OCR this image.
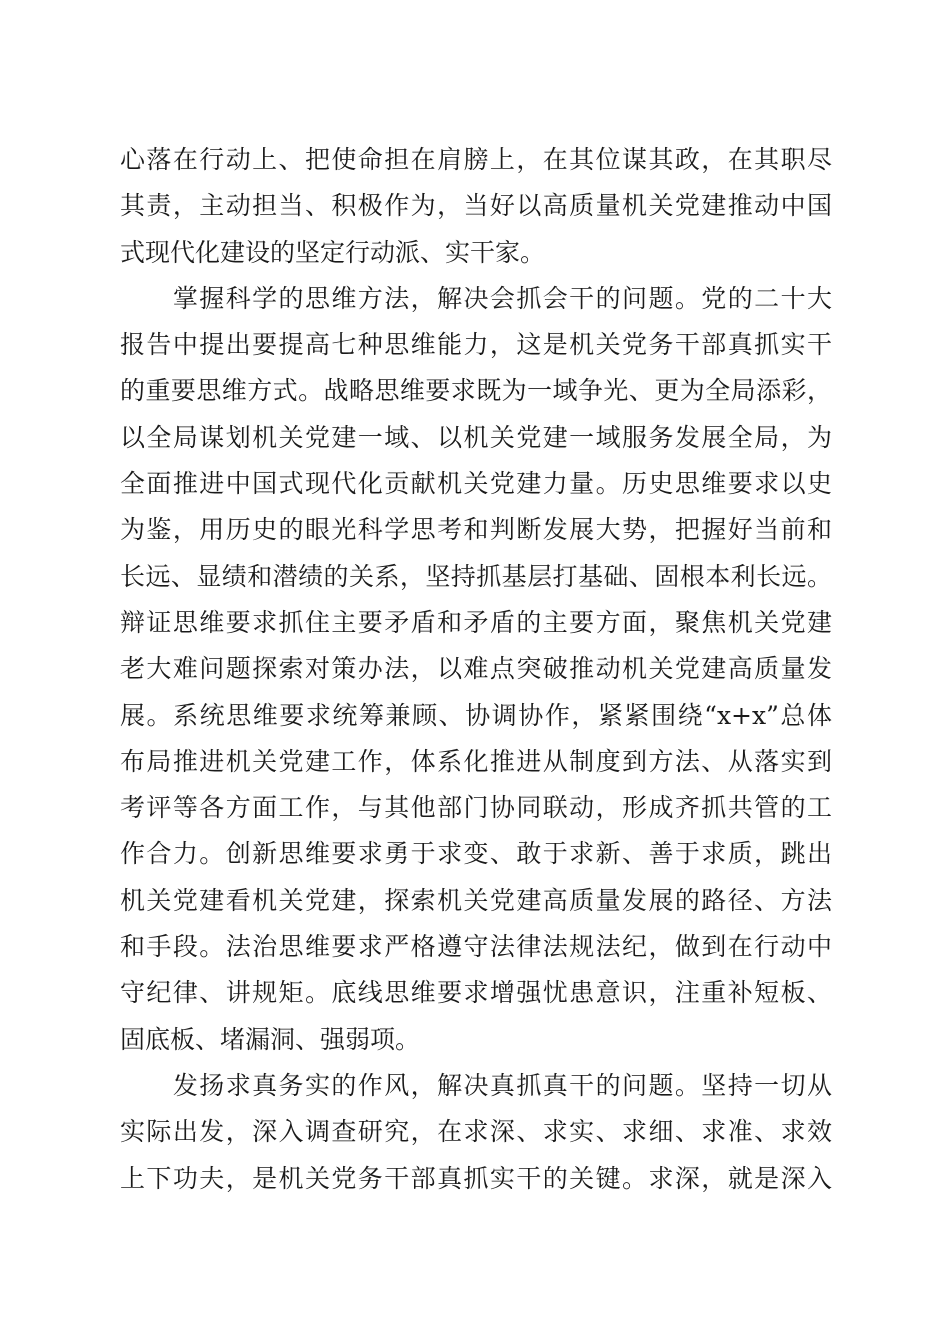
心落在行动上、把使命担在肩膀上，在其位谋其政，在其职尽
其责，主动担当、积极作为，当好以高质量机关党建推动中国
式现代化建设的坚定行动派、实干家。
　　掌握科学的思维方法，解决会抓会干的问题。党的二十大
报告中提出要提高七种思维能力，这是机关党务干部真抓实干
的重要思维方式。战略思维要求既为一域争光、更为全局添彩，
以全局谋划机关党建一域、以机关党建一域服务发展全局，为
全面推进中国式现代化贡献机关党建力量。历史思维要求以史
为鉴，用历史的眼光科学思考和判断发展大势，把握好当前和
长远、显绩和潜绩的关系，坚持抓基层打基础、固根本利长远。
辩证思维要求抓住主要矛盾和矛盾的主要方面，聚焦机关党建
老大难问题探索对策办法，以难点突破推动机关党建高质量发
展。系统思维要求统筹兼顾、协调协作，紧紧围绕“x+x”总体
布局推进机关党建工作，体系化推进从制度到方法、从落实到
考评等各方面工作，与其他部门协同联动，形成齐抓共管的工
作合力。创新思维要求勇于求变、敢于求新、善于求质，跳出
机关党建看机关党建，探索机关党建高质量发展的路径、方法
和手段。法治思维要求严格遵守法律法规法纪，做到在行动中
守纪律、讲规矩。底线思维要求增强忧患意识，注重补短板、
固底板、堵漏洞、强弱项。
　　发扬求真务实的作风，解决真抓真干的问题。坚持一切从
实际出发，深入调查研究，在求深、求实、求细、求准、求效
上下功夫，是机关党务干部真抓实干的关键。求深，就是深入
